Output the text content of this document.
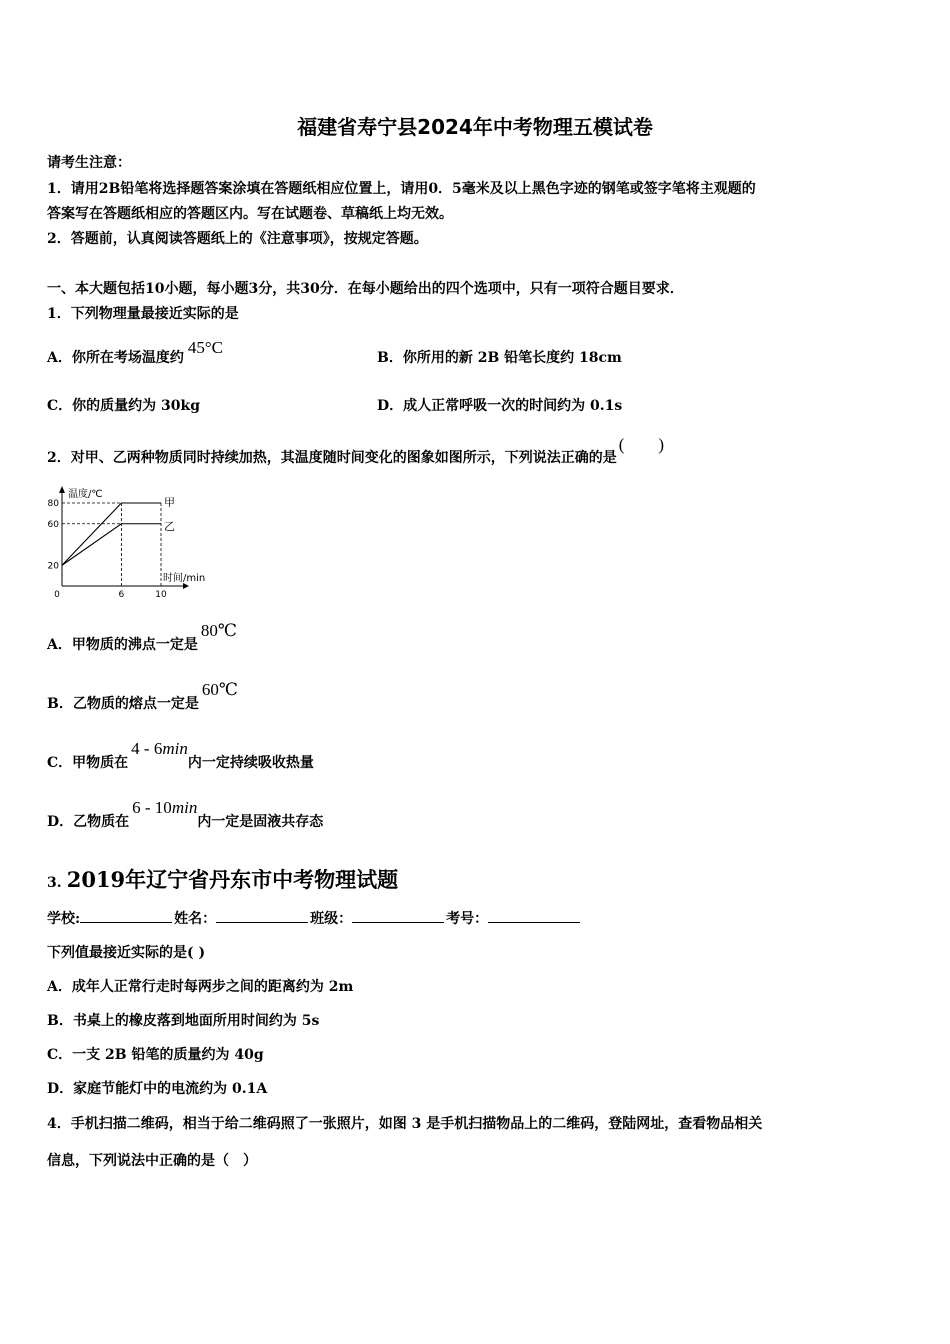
福建省寿宁县2024年中考物理五模试卷
请考生注意：
1．请用2B铅笔将选择题答案涂填在答题纸相应位置上，请用0．5毫米及以上黑色字迹的钢笔或签字笔将主观题的
答案写在答题纸相应的答题区内。写在试题卷、草稿纸上均无效。
2．答题前，认真阅读答题纸上的《注意事项》，按规定答题。
一、本大题包括10小题，每小题3分，共30分．在每小题给出的四个选项中，只有一项符合题目要求．
1．下列物理量最接近实际的是
A．你所在考场温度约45°C
B．你所用的新 2B 铅笔长度约 18cm
C．你的质量约为 30kg	D．成人正常呼吸一次的时间约为 0.1s
2．对甲、乙两种物质同时持续加热，其温度随时间变化的图象如图所示，下列说法正确的是(　　)
温度/℃
时间/min
20
60
80
0	6	10
甲
乙
A．甲物质的沸点一定是80℃
B．乙物质的熔点一定是60℃
C．甲物质在4 - 6min内一定持续吸收热量
D．乙物质在6 - 10min内一定是固液共存态
3. 2019年辽宁省丹东市中考物理试题
学校:	姓名：	班级：	考号：
下列值最接近实际的是( )
A．成年人正常行走时每两步之间的距离约为 2m
B．书桌上的橡皮落到地面所用时间约为 5s
C．一支 2B 铅笔的质量约为 40g
D．家庭节能灯中的电流约为 0.1A
4．手机扫描二维码，相当于给二维码照了一张照片，如图 3 是手机扫描物品上的二维码，登陆网址，查看物品相关
信息，下列说法中正确的是（　）
